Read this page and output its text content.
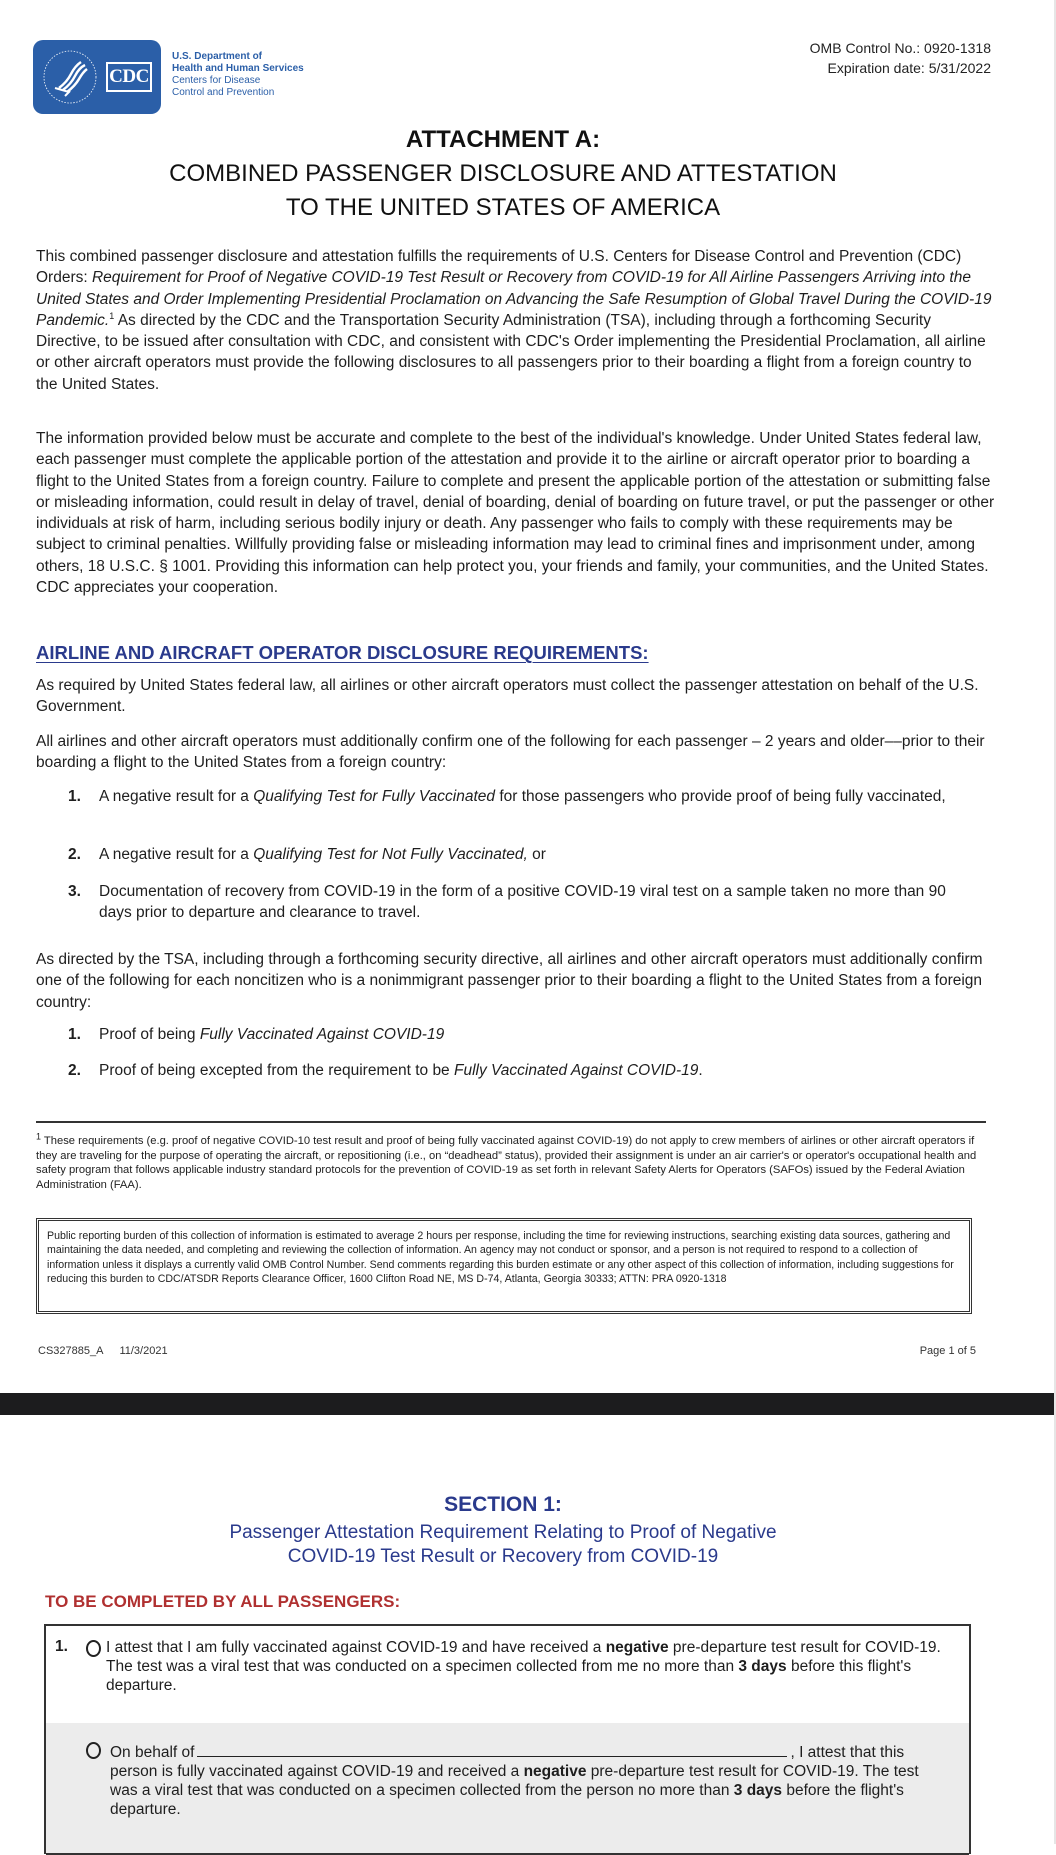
CDC
U.S. Department of
Health and Human Services
Centers for Disease
Control and Prevention
OMB Control No.: 0920-1318
Expiration date: 5/31/2022
ATTACHMENT A:
COMBINED PASSENGER DISCLOSURE AND ATTESTATION
TO THE UNITED STATES OF AMERICA
This combined passenger disclosure and attestation fulfills the requirements of U.S. Centers for Disease Control and Prevention (CDC) Orders: Requirement for Proof of Negative COVID-19 Test Result or Recovery from COVID-19 for All Airline Passengers Arriving into the United States and Order Implementing Presidential Proclamation on Advancing the Safe Resumption of Global Travel During the COVID-19 Pandemic.$^1$ As directed by the CDC and the Transportation Security Administration (TSA), including through a forthcoming Security Directive, to be issued after consultation with CDC, and consistent with CDC's Order implementing the Presidential Proclamation, all airline or other aircraft operators must provide the following disclosures to all passengers prior to their boarding a flight from a foreign country to the United States.
The information provided below must be accurate and complete to the best of the individual's knowledge. Under United States federal law, each passenger must complete the applicable portion of the attestation and provide it to the airline or aircraft operator prior to boarding a flight to the United States from a foreign country. Failure to complete and present the applicable portion of the attestation or submitting false or misleading information, could result in delay of travel, denial of boarding, denial of boarding on future travel, or put the passenger or other individuals at risk of harm, including serious bodily injury or death. Any passenger who fails to comply with these requirements may be subject to criminal penalties. Willfully providing false or misleading information may lead to criminal fines and imprisonment under, among others, 18 U.S.C. § 1001. Providing this information can help protect you, your friends and family, your communities, and the United States. CDC appreciates your cooperation.
AIRLINE AND AIRCRAFT OPERATOR DISCLOSURE REQUIREMENTS:
As required by United States federal law, all airlines or other aircraft operators must collect the passenger attestation on behalf of the U.S. Government.
All airlines and other aircraft operators must additionally confirm one of the following for each passenger – 2 years and older––prior to their boarding a flight to the United States from a foreign country:
1. A negative result for a Qualifying Test for Fully Vaccinated for those passengers who provide proof of being fully vaccinated,
2. A negative result for a Qualifying Test for Not Fully Vaccinated, or
3. Documentation of recovery from COVID-19 in the form of a positive COVID-19 viral test on a sample taken no more than 90 days prior to departure and clearance to travel.
As directed by the TSA, including through a forthcoming security directive, all airlines and other aircraft operators must additionally confirm one of the following for each noncitizen who is a nonimmigrant passenger prior to their boarding a flight to the United States from a foreign country:
1. Proof of being Fully Vaccinated Against COVID-19
2. Proof of being excepted from the requirement to be Fully Vaccinated Against COVID-19.
$^1$ These requirements (e.g. proof of negative COVID-10 test result and proof of being fully vaccinated against COVID-19) do not apply to crew members of airlines or other aircraft operators if they are traveling for the purpose of operating the aircraft, or repositioning (i.e., on “deadhead” status), provided their assignment is under an air carrier's or operator's occupational health and safety program that follows applicable industry standard protocols for the prevention of COVID-19 as set forth in relevant Safety Alerts for Operators (SAFOs) issued by the Federal Aviation Administration (FAA).
Public reporting burden of this collection of information is estimated to average 2 hours per response, including the time for reviewing instructions, searching existing data sources, gathering and maintaining the data needed, and completing and reviewing the collection of information. An agency may not conduct or sponsor, and a person is not required to respond to a collection of information unless it displays a currently valid OMB Control Number. Send comments regarding this burden estimate or any other aspect of this collection of information, including suggestions for reducing this burden to CDC/ATSDR Reports Clearance Officer, 1600 Clifton Road NE, MS D-74, Atlanta, Georgia 30333; ATTN: PRA 0920-1318
CS327885_A 11/3/2021	Page 1 of 5
SECTION 1:
Passenger Attestation Requirement Relating to Proof of Negative
COVID-19 Test Result or Recovery from COVID-19
TO BE COMPLETED BY ALL PASSENGERS:
1. I attest that I am fully vaccinated against COVID-19 and have received a negative pre-departure test result for COVID-19. The test was a viral test that was conducted on a specimen collected from me no more than 3 days before this flight's departure.
On behalf of	, I attest that this person is fully vaccinated against COVID-19 and received a negative pre-departure test result for COVID-19. The test was a viral test that was conducted on a specimen collected from the person no more than 3 days before the flight's departure.
